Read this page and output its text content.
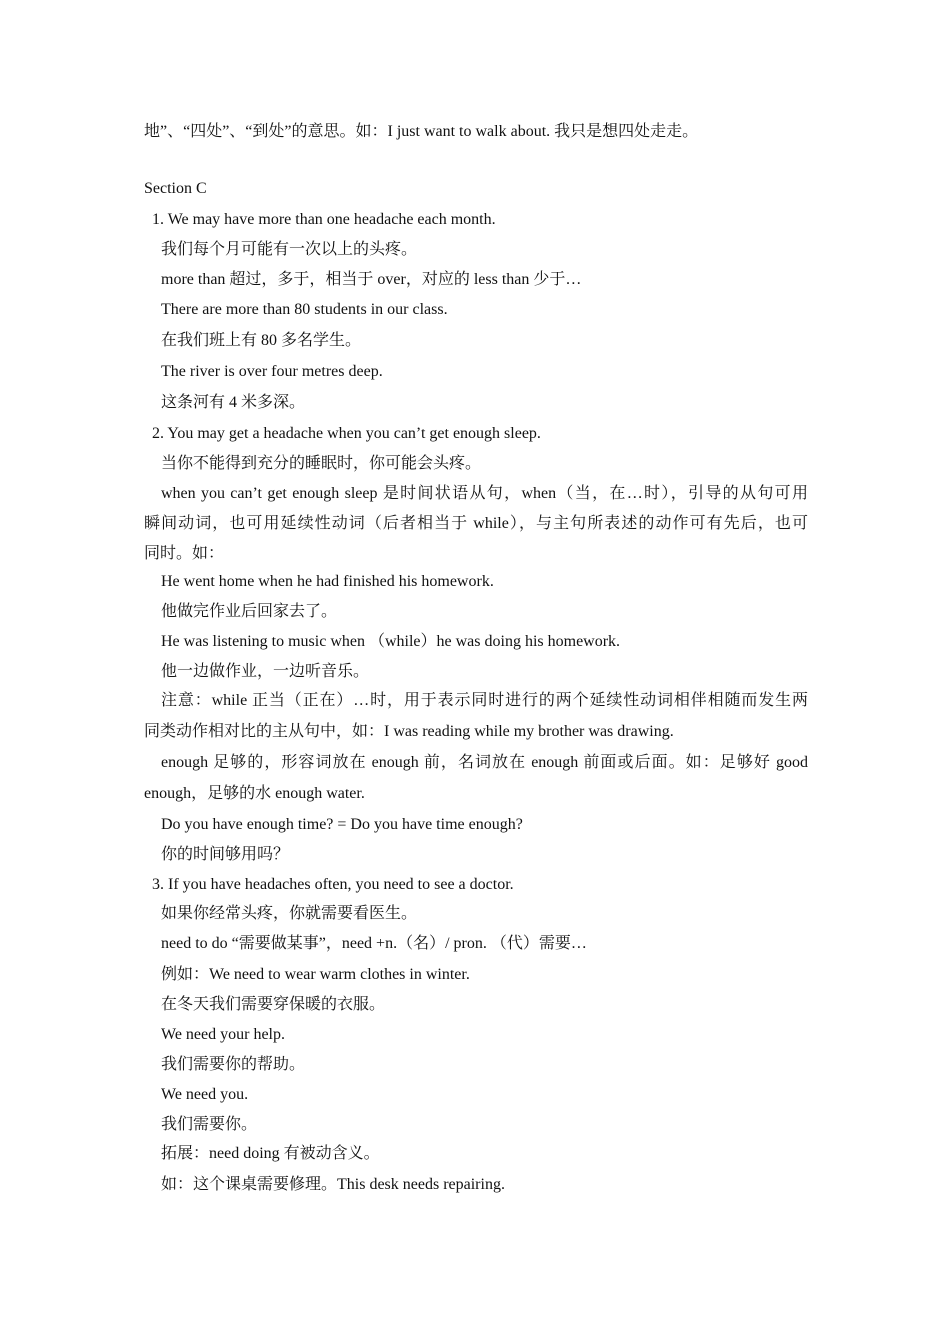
地”、“四处”、“到处”的意思。如：I just want to walk about. 我只是想四处走走。
Section C
1. We may have more than one headache each month.
我们每个月可能有一次以上的头疼。
more than 超过，多于，相当于 over，对应的 less than 少于…
There are more than 80 students in our class.
在我们班上有 80 多名学生。
The river is over four metres deep.
这条河有 4 米多深。
2. You may get a headache when you can’t get enough sleep.
当你不能得到充分的睡眠时，你可能会头疼。
when you can’t get enough sleep 是时间状语从句，when（当，在…时），引导的从句可用
瞬间动词，也可用延续性动词（后者相当于 while），与主句所表述的动作可有先后，也可
同时。如：
He went home when he had finished his homework.
他做完作业后回家去了。
He was listening to music when （while）he was doing his homework.
他一边做作业，一边听音乐。
注意：while 正当（正在）…时，用于表示同时进行的两个延续性动词相伴相随而发生两
同类动作相对比的主从句中，如：I was reading while my brother was drawing.
enough 足够的，形容词放在 enough 前，名词放在 enough 前面或后面。如：足够好 good
enough，足够的水 enough water.
Do you have enough time? = Do you have time enough?
你的时间够用吗？
3. If you have headaches often, you need to see a doctor.
如果你经常头疼，你就需要看医生。
need to do “需要做某事”，need +n.（名）/ pron. （代）需要…
例如：We need to wear warm clothes in winter.
在冬天我们需要穿保暖的衣服。
We need your help.
我们需要你的帮助。
We need you.
我们需要你。
拓展：need doing 有被动含义。
如：这个课桌需要修理。This desk needs repairing.
